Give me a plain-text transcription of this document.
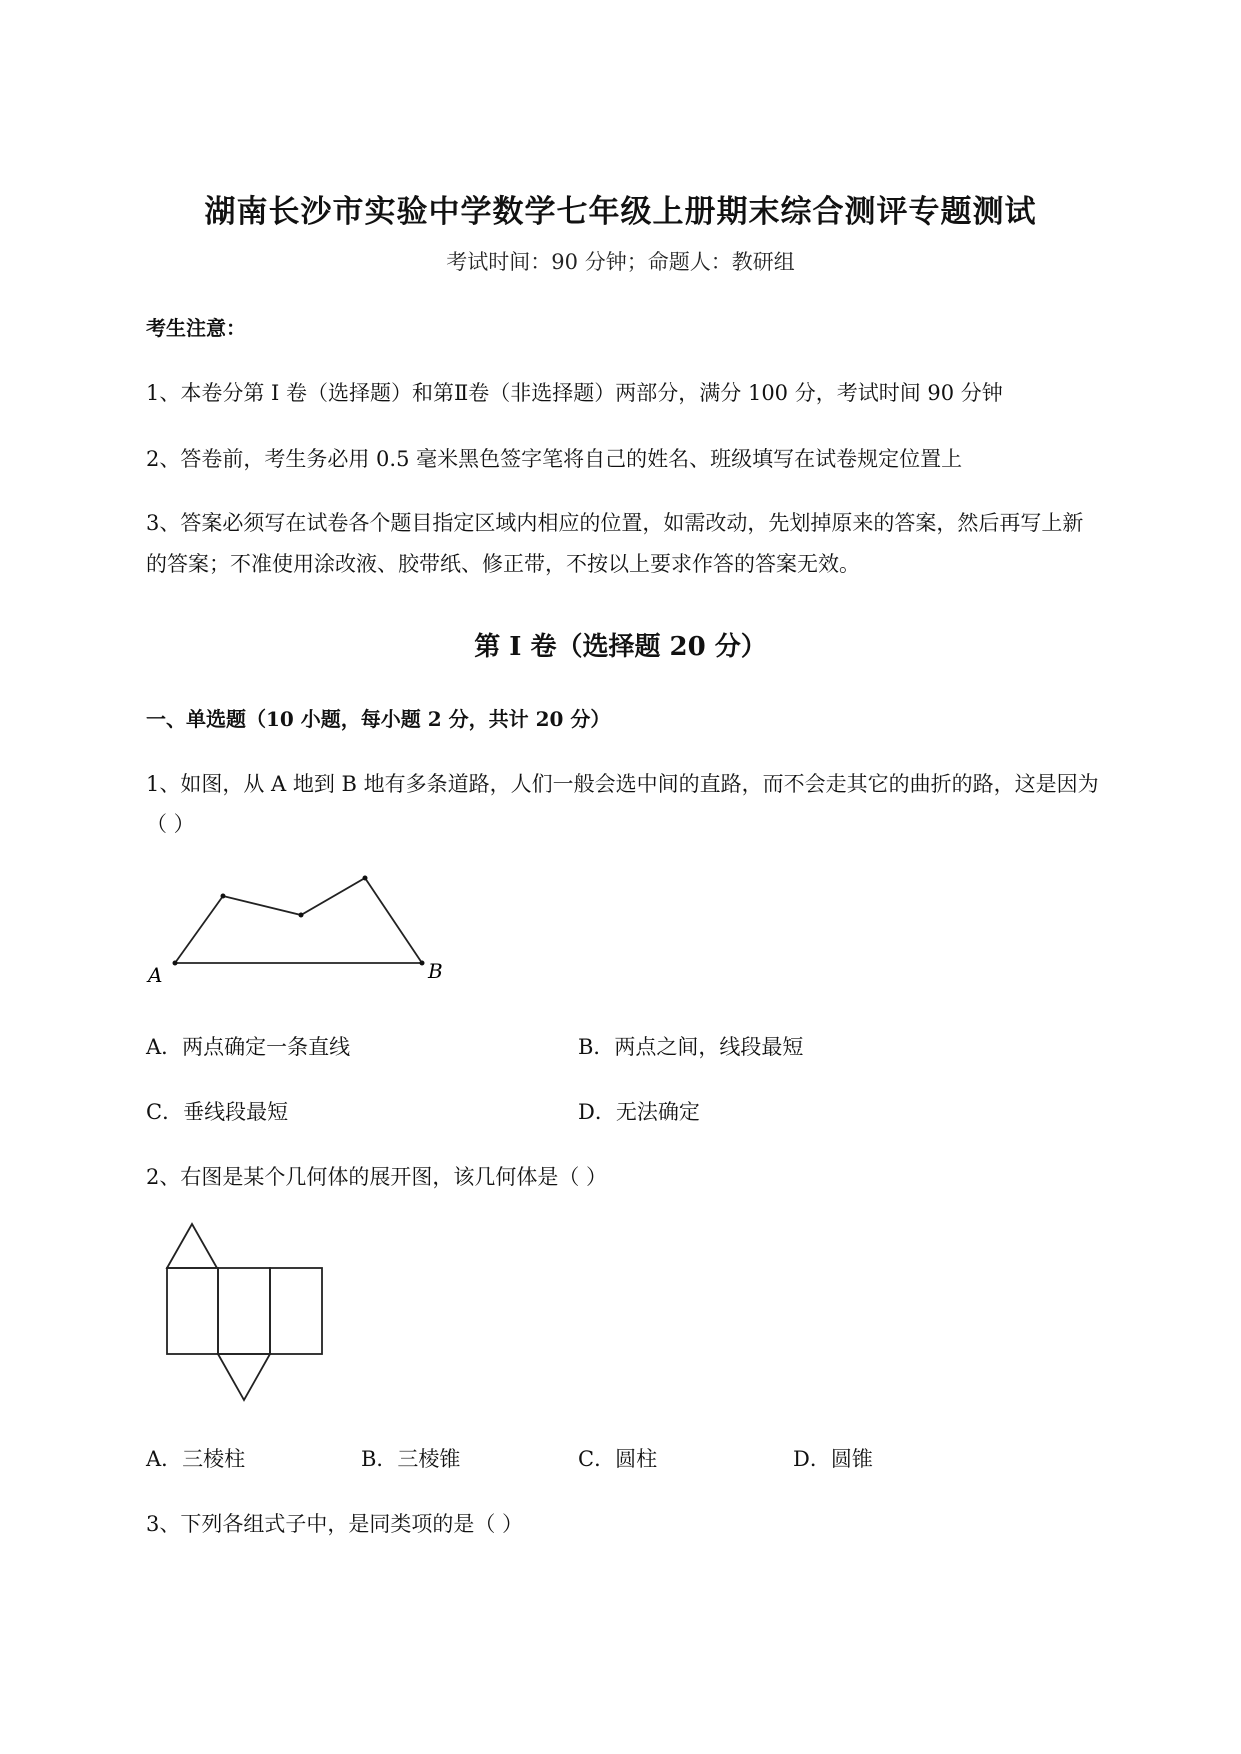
湖南长沙市实验中学数学七年级上册期末综合测评专题测试
考试时间：90 分钟；命题人：教研组
考生注意：
1、本卷分第 I 卷（选择题）和第Ⅱ卷（非选择题）两部分，满分 100 分，考试时间 90 分钟
2、答卷前，考生务必用 0.5 毫米黑色签字笔将自己的姓名、班级填写在试卷规定位置上
3、答案必须写在试卷各个题目指定区域内相应的位置，如需改动，先划掉原来的答案，然后再写上新
的答案；不准使用涂改液、胶带纸、修正带，不按以上要求作答的答案无效。
第 I 卷（选择题 20 分）
一、单选题（10 小题，每小题 2 分，共计 20 分）
1、如图，从 A 地到 B 地有多条道路，人们一般会选中间的直路，而不会走其它的曲折的路，这是因为
（ ）
A	B
A．两点确定一条直线	B．两点之间，线段最短
C．垂线段最短	D．无法确定
2、右图是某个几何体的展开图，该几何体是（ ）
A．三棱柱	B．三棱锥	C．圆柱	D．圆锥
3、下列各组式子中，是同类项的是（ ）
